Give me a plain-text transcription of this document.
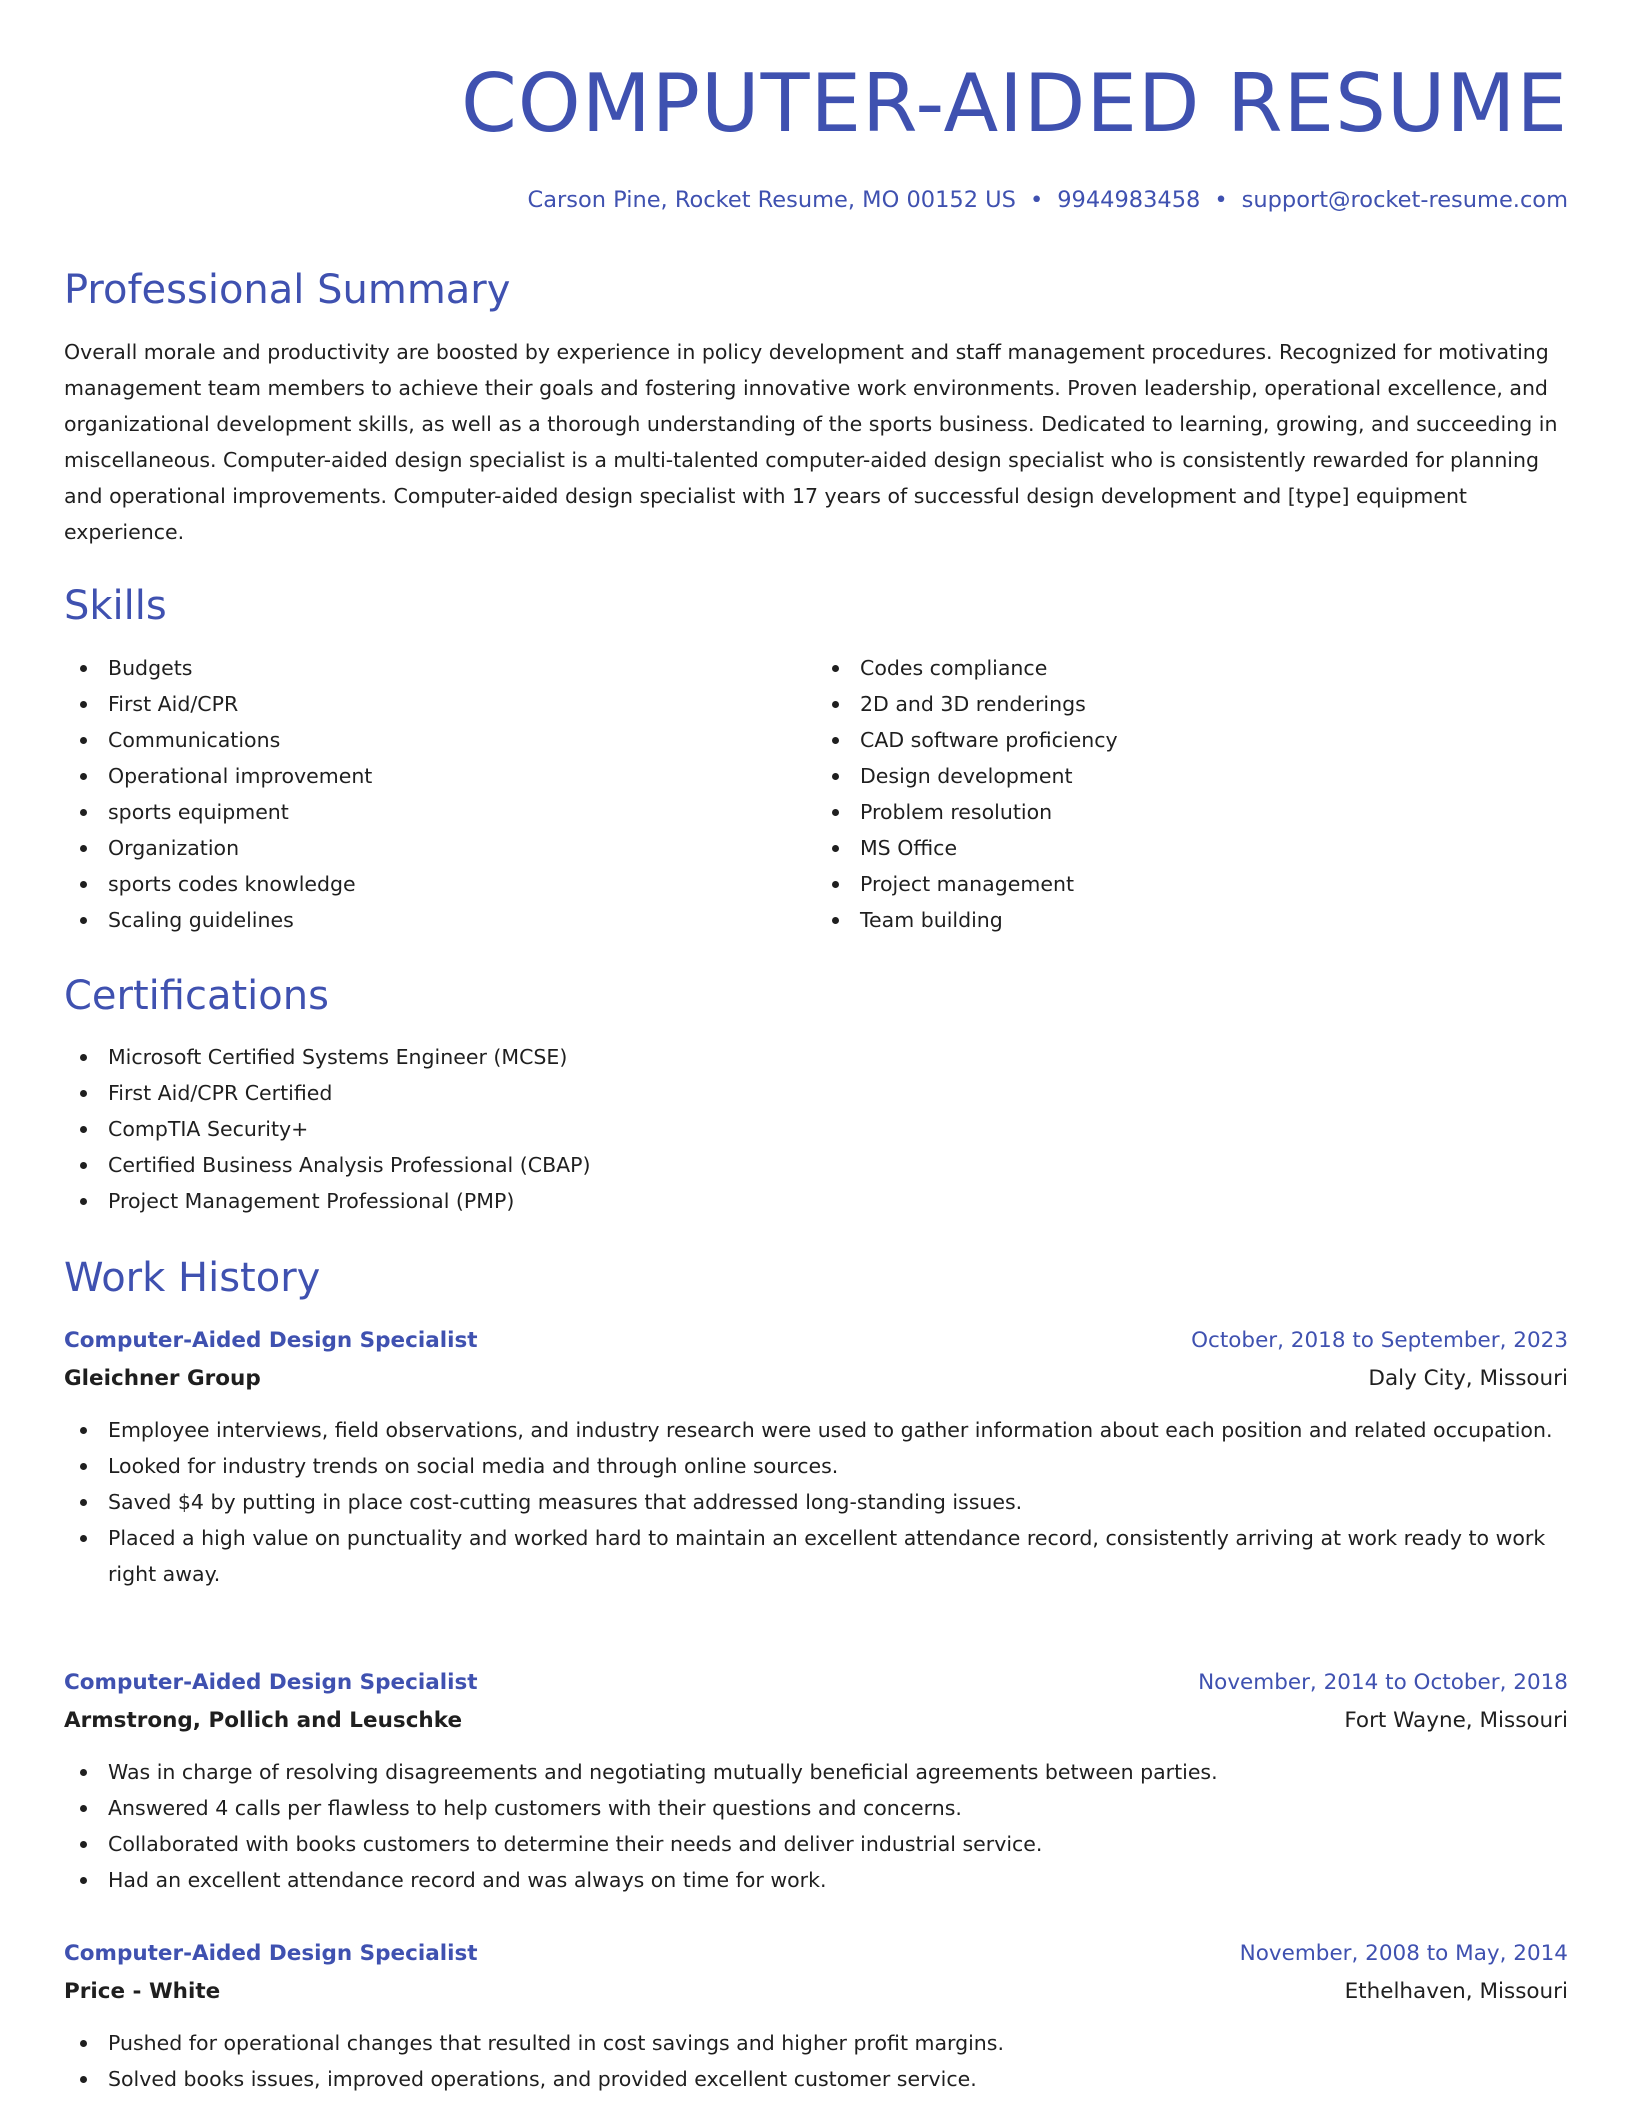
COMPUTER-AIDED RESUME
Carson Pine, Rocket Resume, MO 00152 US • 9944983458 • support@rocket-resume.com
Professional Summary

Overall morale and productivity are boosted by experience in policy development and staff management procedures. Recognized for motivating management team members to achieve their goals and fostering innovative work environments. Proven leadership, operational excellence, and organizational development skills, as well as a thorough understanding of the sports business. Dedicated to learning, growing, and succeeding in miscellaneous. Computer-aided design specialist is a multi-talented computer-aided design specialist who is consistently rewarded for planning and operational improvements. Computer-aided design specialist with 17 years of successful design development and [type] equipment experience.

Skills
Budgets
First Aid/CPR
Communications
Operational improvement
sports equipment
Organization
sports codes knowledge
Scaling guidelines
Codes compliance
2D and 3D renderings
CAD software proficiency
Design development
Problem resolution
MS Office
Project management
Team building
Certifications
Microsoft Certified Systems Engineer (MCSE)
First Aid/CPR Certified
CompTIA Security+
Certified Business Analysis Professional (CBAP)
Project Management Professional (PMP)
Work History
Computer-Aided Design Specialist	October, 2018 to September, 2023
Gleichner Group	Daly City, Missouri
Employee interviews, field observations, and industry research were used to gather information about each position and related occupation.
Looked for industry trends on social media and through online sources.
Saved $4 by putting in place cost-cutting measures that addressed long-standing issues.
Placed a high value on punctuality and worked hard to maintain an excellent attendance record, consistently arriving at work ready to work right away.
Computer-Aided Design Specialist	November, 2014 to October, 2018
Armstrong, Pollich and Leuschke	Fort Wayne, Missouri
Was in charge of resolving disagreements and negotiating mutually beneficial agreements between parties.
Answered 4 calls per flawless to help customers with their questions and concerns.
Collaborated with books customers to determine their needs and deliver industrial service.
Had an excellent attendance record and was always on time for work.
Computer-Aided Design Specialist	November, 2008 to May, 2014
Price - White	Ethelhaven, Missouri
Pushed for operational changes that resulted in cost savings and higher profit margins.
Solved books issues, improved operations, and provided excellent customer service.
